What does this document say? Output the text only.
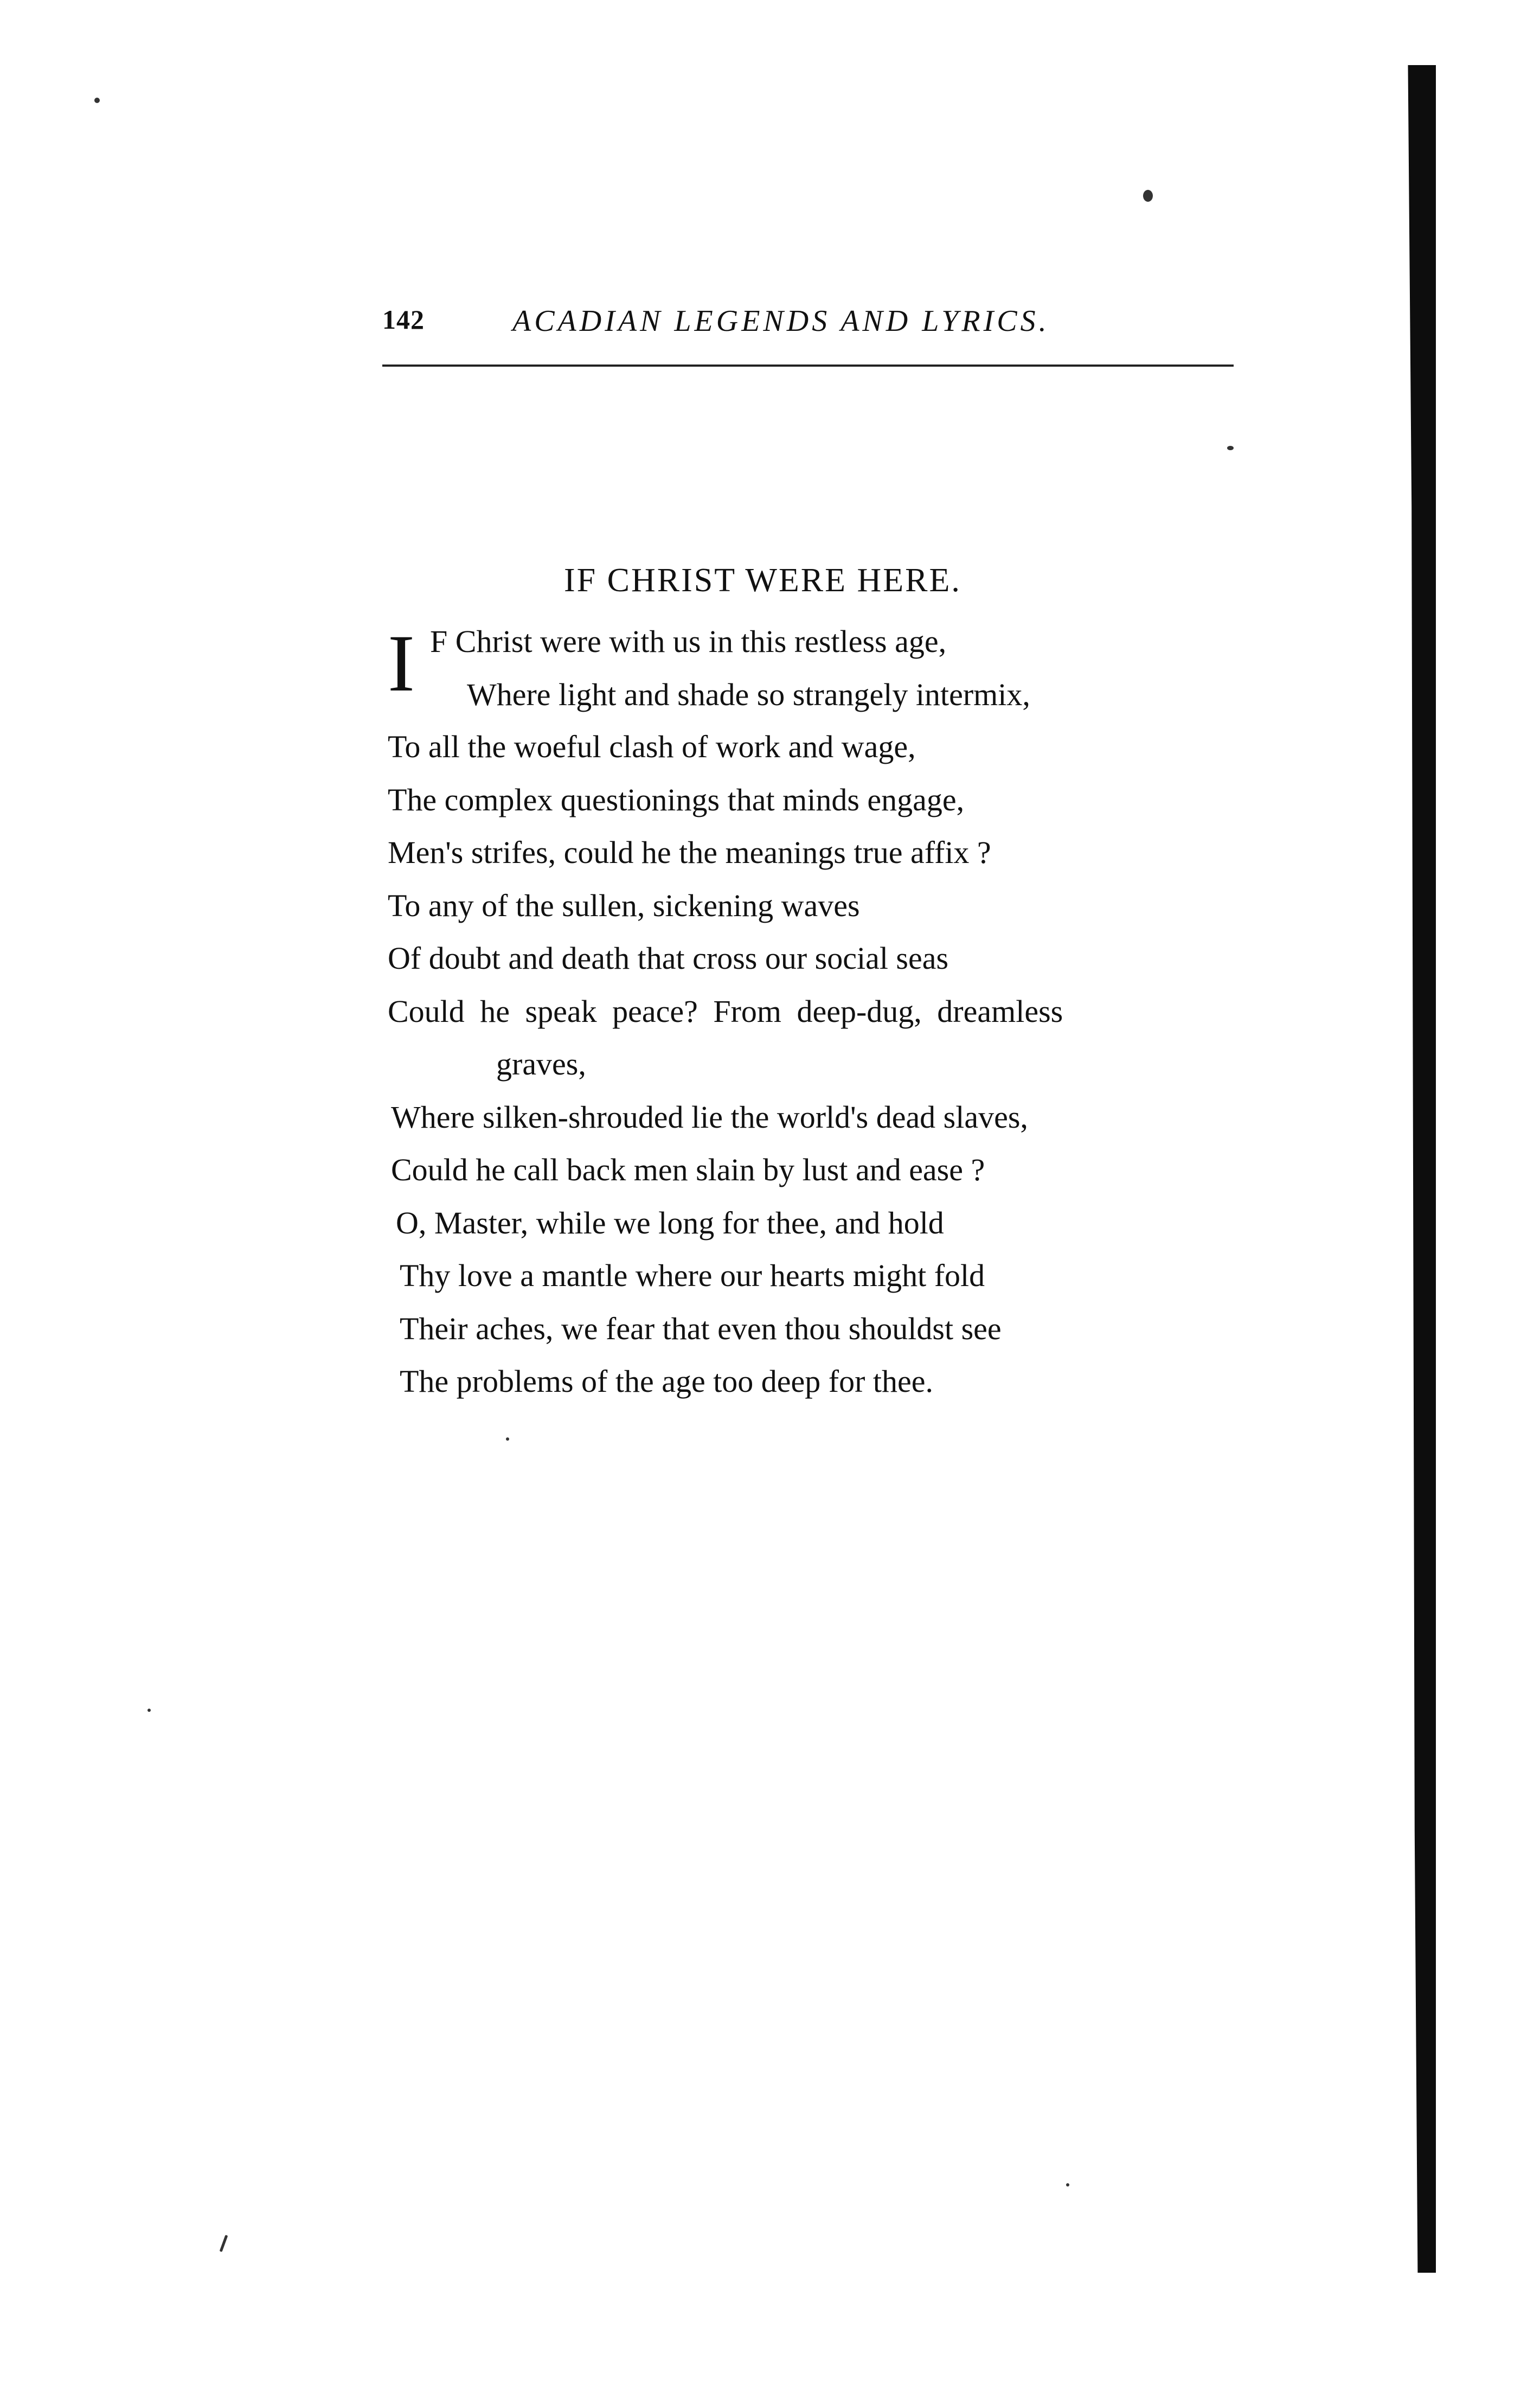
142	ACADIAN LEGENDS AND LYRICS.
IF CHRIST WERE HERE.
I F Christ were with us in this restless age,
Where light and shade so strangely intermix,
To all the woeful clash of work and wage,
The complex questionings that minds engage,
Men's strifes, could he the meanings true affix ?
To any of the sullen, sickening waves
Of doubt and death that cross our social seas
Could he speak peace? From deep-dug, dreamless
graves,
Where silken-shrouded lie the world's dead slaves,
Could he call back men slain by lust and ease ?
O, Master, while we long for thee, and hold
Thy love a mantle where our hearts might fold
Their aches, we fear that even thou shouldst see
The problems of the age too deep for thee.
